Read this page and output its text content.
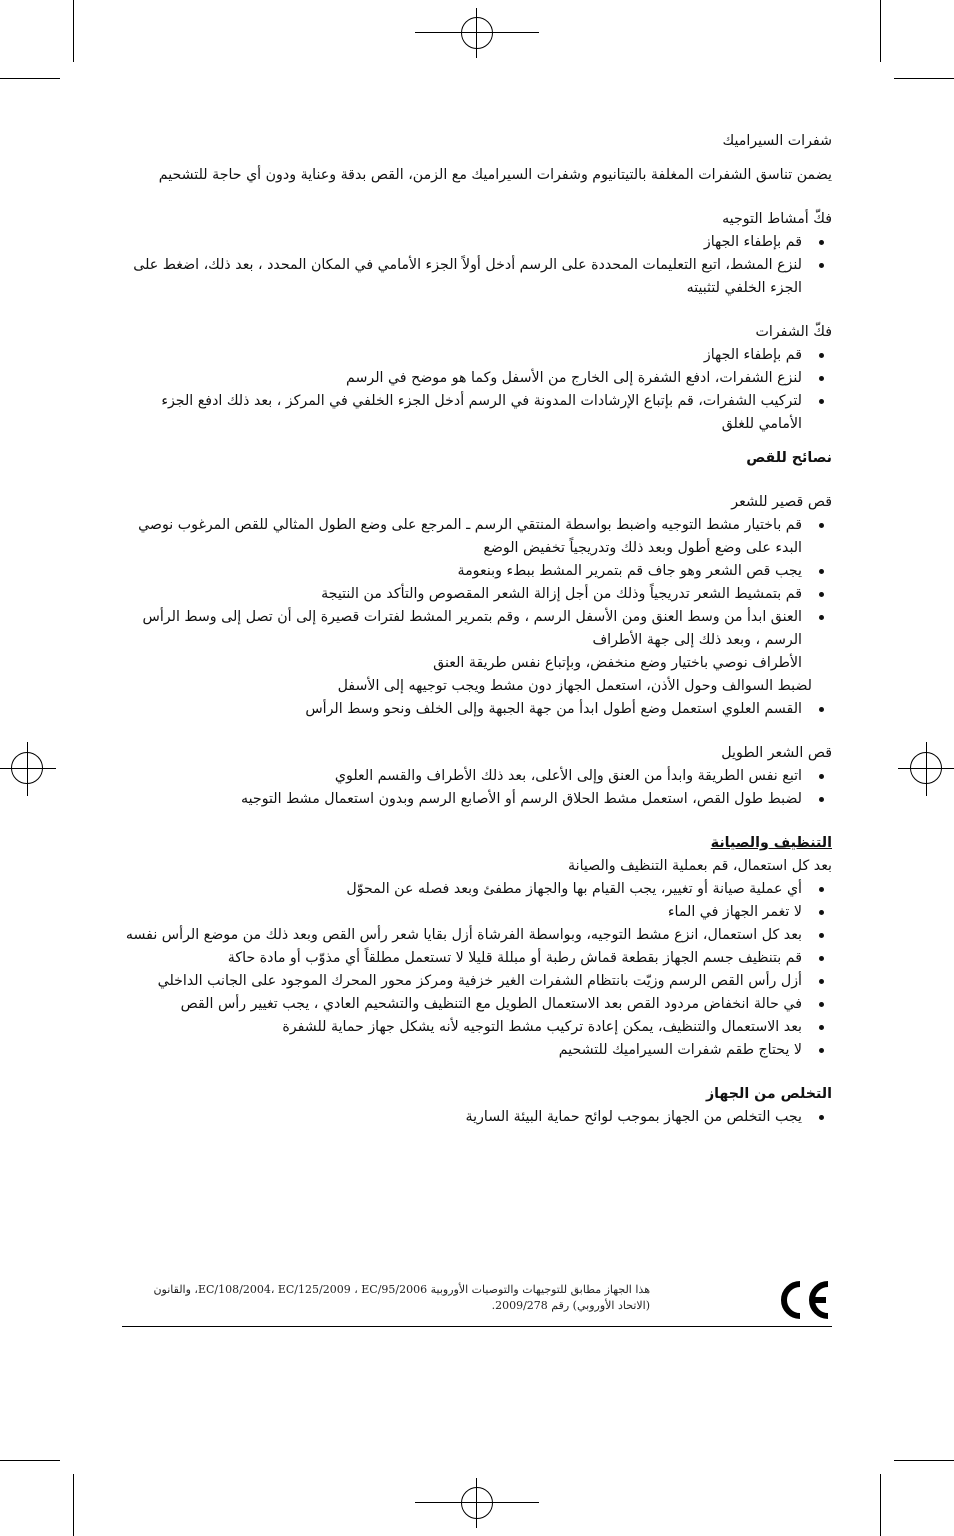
شفرات السيراميك

يضمن تناسق الشفرات المغلفة بالتيتانيوم وشفرات السيراميك مع الزمن، القص بدقة وعناية ودون أي حاجة للتشحيم

فكّ أمشاط التوجيه

قم بإطفاء الجهاز
لنزع المشط، اتبع التعليمات المحددة على الرسم أدخل أولاً الجزء الأمامي في المكان المحدد ، بعد ذلك، اضغط على الجزء الخلفي لتثبيته

فكّ الشفرات

قم بإطفاء الجهاز
لنزع الشفرات، ادفع الشفرة إلى الخارج من الأسفل وكما هو موضح في الرسم
لتركيب الشفرات، قم بإتباع الإرشادات المدونة في الرسم أدخل الجزء الخلفي في المركز ، بعد ذلك ادفع الجزء الأمامي للغلق

نصائح للقص

قص قصير للشعر

قم باختيار مشط التوجيه واضبط بواسطة المنتقي الرسم ـ المرجع على وضع الطول المثالي للقص المرغوب نوصي البدء على وضع أطول وبعد ذلك وتدريجياً تخفيض الوضع
يجب قص الشعر وهو جاف قم بتمرير المشط ببطء وبنعومة
قم بتمشيط الشعر تدريجياً وذلك من أجل إزالة الشعر المقصوص والتأكد من النتيجة
العنق ابدأ من وسط العنق ومن الأسفل الرسم ، وقم بتمرير المشط لفترات قصيرة إلى أن تصل إلى وسط الرأس الرسم ، وبعد ذلك إلى جهة الأطراف
الأطراف نوصي باختيار وضع منخفض، وبإتباع نفس طريقة العنق
لضبط السوالف وحول الأذن، استعمل الجهاز دون مشط ويجب توجيهه إلى الأسفل
القسم العلوي استعمل وضع أطول ابدأ من جهة الجبهة وإلى الخلف ونحو وسط الرأس

قص الشعر الطويل

اتبع نفس الطريقة وابدأ من العنق وإلى الأعلى، بعد ذلك الأطراف والقسم العلوي
لضبط طول القص، استعمل مشط الحلاق الرسم أو الأصابع الرسم وبدون استعمال مشط التوجيه

التنظيف والصيانة

بعد كل استعمال، قم بعملية التنظيف والصيانة

أي عملية صيانة أو تغيير، يجب القيام بها والجهاز مطفئ وبعد فصله عن المحوّل
لا تغمر الجهاز في الماء
بعد كل استعمال، انزع مشط التوجيه، وبواسطة الفرشاة أزل بقايا شعر رأس القص وبعد ذلك من موضع الرأس نفسه
قم بتنظيف جسم الجهاز بقطعة قماش رطبة أو مبللة قليلا لا تستعمل مطلقاً أي مذوّب أو مادة حاكة
أزل رأس القص الرسم وزيّت بانتظام الشفرات الغير خزفية ومركز محور المحرك الموجود على الجانب الداخلي
في حالة انخفاض مردود القص بعد الاستعمال الطويل مع التنظيف والتشحيم العادي ، يجب تغيير رأس القص
بعد الاستعمال والتنظيف، يمكن إعادة تركيب مشط التوجيه لأنه يشكل جهاز حماية للشفرة
لا يحتاج طقم شفرات السيراميك للتشحيم

التخلص من الجهاز

يجب التخلص من الجهاز بموجب لوائح حماية البيئة السارية
CE
هذا الجهاز مطابق للتوجيهات والتوصيات الأوروبية EC/108/2004، EC/125/2009 ، EC/95/2006، والقانون (الاتحاد الأوروبي) رقم 2009/278.
